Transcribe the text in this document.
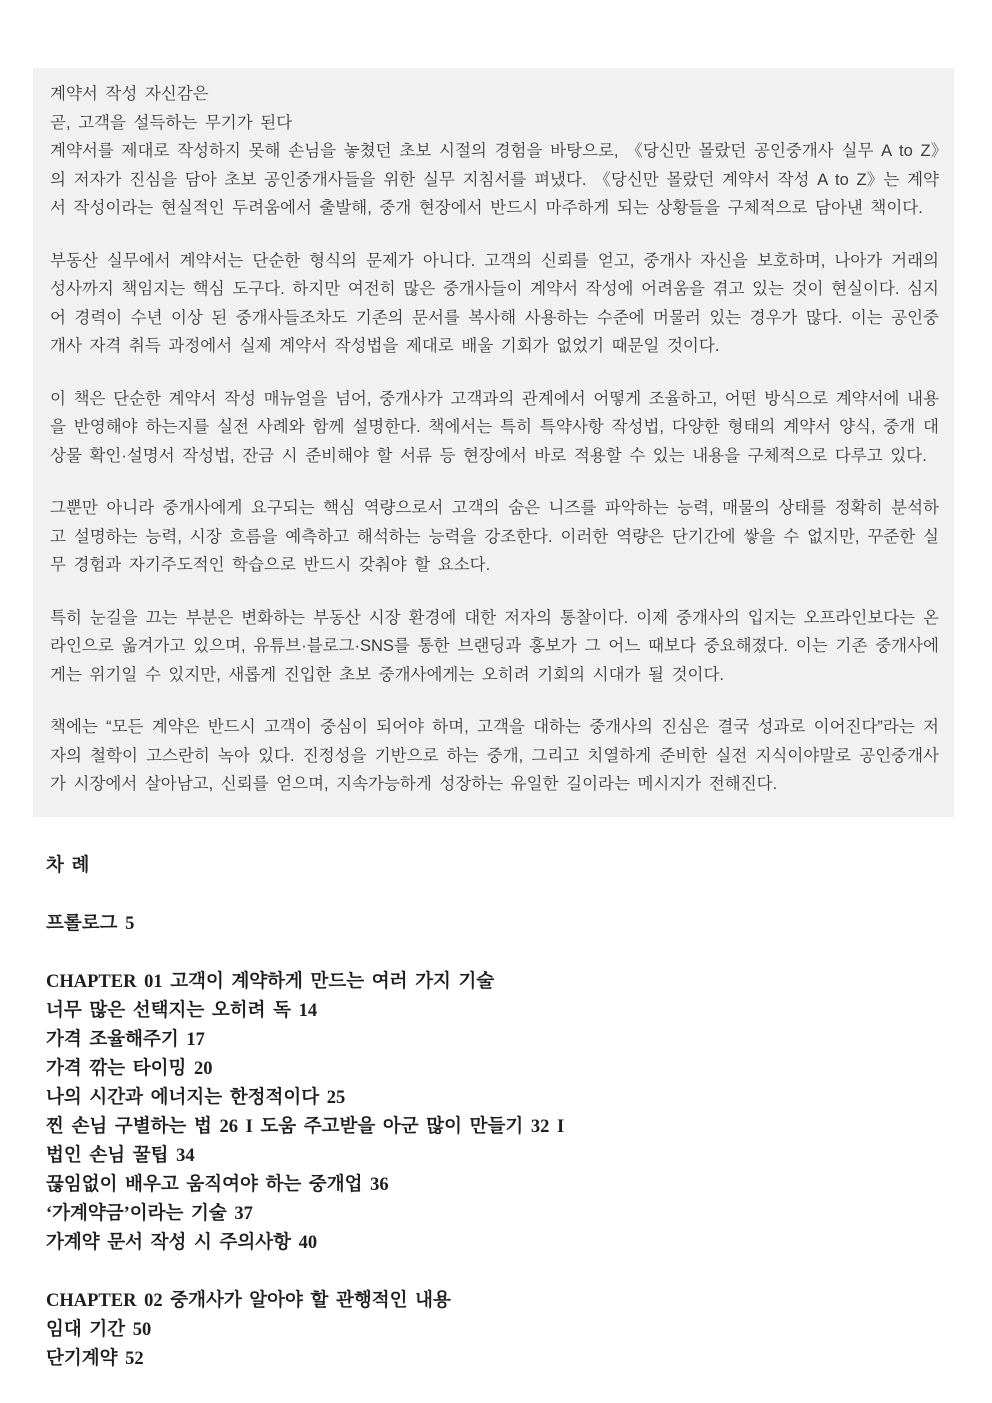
계약서 작성 자신감은
곧, 고객을 설득하는 무기가 된다
계약서를 제대로 작성하지 못해 손님을 놓쳤던 초보 시절의 경험을 바탕으로, 《당신만 몰랐던 공인중개사 실무 A to Z》의 저자가 진심을 담아 초보 공인중개사들을 위한 실무 지침서를 펴냈다. 《당신만 몰랐던 계약서 작성 A to Z》는 계약서 작성이라는 현실적인 두려움에서 출발해, 중개 현장에서 반드시 마주하게 되는 상황들을 구체적으로 담아낸 책이다.

부동산 실무에서 계약서는 단순한 형식의 문제가 아니다. 고객의 신뢰를 얻고, 중개사 자신을 보호하며, 나아가 거래의 성사까지 책임지는 핵심 도구다. 하지만 여전히 많은 중개사들이 계약서 작성에 어려움을 겪고 있는 것이 현실이다. 심지어 경력이 수년 이상 된 중개사들조차도 기존의 문서를 복사해 사용하는 수준에 머물러 있는 경우가 많다. 이는 공인중개사 자격 취득 과정에서 실제 계약서 작성법을 제대로 배울 기회가 없었기 때문일 것이다.

이 책은 단순한 계약서 작성 매뉴얼을 넘어, 중개사가 고객과의 관계에서 어떻게 조율하고, 어떤 방식으로 계약서에 내용을 반영해야 하는지를 실전 사례와 함께 설명한다. 책에서는 특히 특약사항 작성법, 다양한 형태의 계약서 양식, 중개 대상물 확인·설명서 작성법, 잔금 시 준비해야 할 서류 등 현장에서 바로 적용할 수 있는 내용을 구체적으로 다루고 있다.

그뿐만 아니라 중개사에게 요구되는 핵심 역량으로서 고객의 숨은 니즈를 파악하는 능력, 매물의 상태를 정확히 분석하고 설명하는 능력, 시장 흐름을 예측하고 해석하는 능력을 강조한다. 이러한 역량은 단기간에 쌓을 수 없지만, 꾸준한 실무 경험과 자기주도적인 학습으로 반드시 갖춰야 할 요소다.

특히 눈길을 끄는 부분은 변화하는 부동산 시장 환경에 대한 저자의 통찰이다. 이제 중개사의 입지는 오프라인보다는 온라인으로 옮겨가고 있으며, 유튜브·블로그·SNS를 통한 브랜딩과 홍보가 그 어느 때보다 중요해졌다. 이는 기존 중개사에게는 위기일 수 있지만, 새롭게 진입한 초보 중개사에게는 오히려 기회의 시대가 될 것이다.

책에는 “모든 계약은 반드시 고객이 중심이 되어야 하며, 고객을 대하는 중개사의 진심은 결국 성과로 이어진다”라는 저자의 철학이 고스란히 녹아 있다. 진정성을 기반으로 하는 중개, 그리고 치열하게 준비한 실전 지식이야말로 공인중개사가 시장에서 살아남고, 신뢰를 얻으며, 지속가능하게 성장하는 유일한 길이라는 메시지가 전해진다.

차 례
프롤로그 5
CHAPTER 01 고객이 계약하게 만드는 여러 가지 기술
너무 많은 선택지는 오히려 독 14
가격 조율해주기 17
가격 깎는 타이밍 20
나의 시간과 에너지는 한정적이다 25
찐 손님 구별하는 법 26 I 도움 주고받을 아군 많이 만들기 32 I
법인 손님 꿀팁 34
끊임없이 배우고 움직여야 하는 중개업 36
‘가계약금’이라는 기술 37
가계약 문서 작성 시 주의사항 40
CHAPTER 02 중개사가 알아야 할 관행적인 내용
임대 기간 50
단기계약 52
